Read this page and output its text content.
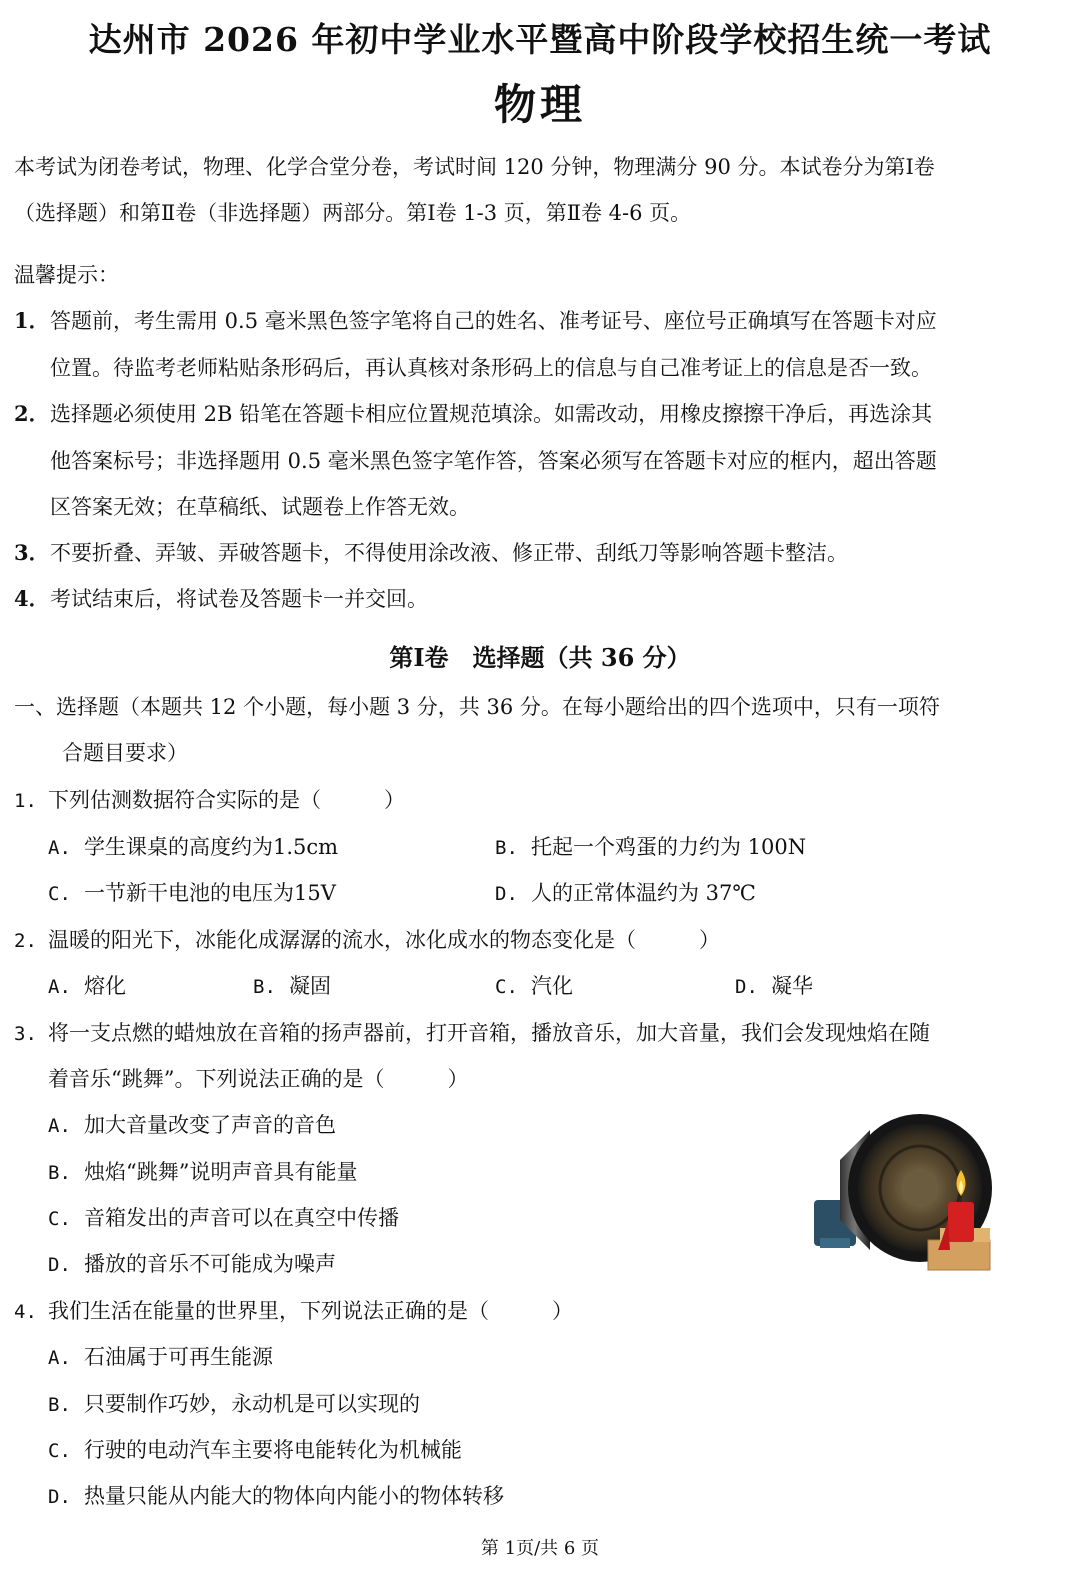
达州市 2026 年初中学业水平暨高中阶段学校招生统一考试
物理
本考试为闭卷考试，物理、化学合堂分卷，考试时间 120 分钟，物理满分 90 分。本试卷分为第Ⅰ卷
（选择题）和第Ⅱ卷（非选择题）两部分。第Ⅰ卷 1-3 页，第Ⅱ卷 4-6 页。
温馨提示：
1．答题前，考生需用 0.5 毫米黑色签字笔将自己的姓名、准考证号、座位号正确填写在答题卡对应
位置。待监考老师粘贴条形码后，再认真核对条形码上的信息与自己准考证上的信息是否一致。
2．选择题必须使用 2B 铅笔在答题卡相应位置规范填涂。如需改动，用橡皮擦擦干净后，再选涂其
他答案标号；非选择题用 0.5 毫米黑色签字笔作答，答案必须写在答题卡对应的框内，超出答题
区答案无效；在草稿纸、试题卷上作答无效。
3．不要折叠、弄皱、弄破答题卡，不得使用涂改液、修正带、刮纸刀等影响答题卡整洁。
4．考试结束后，将试卷及答题卡一并交回。
第Ⅰ卷　选择题（共 36 分）
一、选择题（本题共 12 个小题，每小题 3 分，共 36 分。在每小题给出的四个选项中，只有一项符
合题目要求）
1. 下列估测数据符合实际的是（　　　）
A. 学生课桌的高度约为1.5cm	B. 托起一个鸡蛋的力约为 100N
C. 一节新干电池的电压为15V	D. 人的正常体温约为 37℃
2. 温暖的阳光下，冰能化成潺潺的流水，冰化成水的物态变化是（　　　）
A. 熔化	B. 凝固	C. 汽化	D. 凝华
3. 将一支点燃的蜡烛放在音箱的扬声器前，打开音箱，播放音乐，加大音量，我们会发现烛焰在随
着音乐“跳舞”。下列说法正确的是（　　　）
A. 加大音量改变了声音的音色
B. 烛焰“跳舞”说明声音具有能量
C. 音箱发出的声音可以在真空中传播
D. 播放的音乐不可能成为噪声
4. 我们生活在能量的世界里，下列说法正确的是（　　　）
A. 石油属于可再生能源
B. 只要制作巧妙，永动机是可以实现的
C. 行驶的电动汽车主要将电能转化为机械能
D. 热量只能从内能大的物体向内能小的物体转移
第 1页/共 6 页
